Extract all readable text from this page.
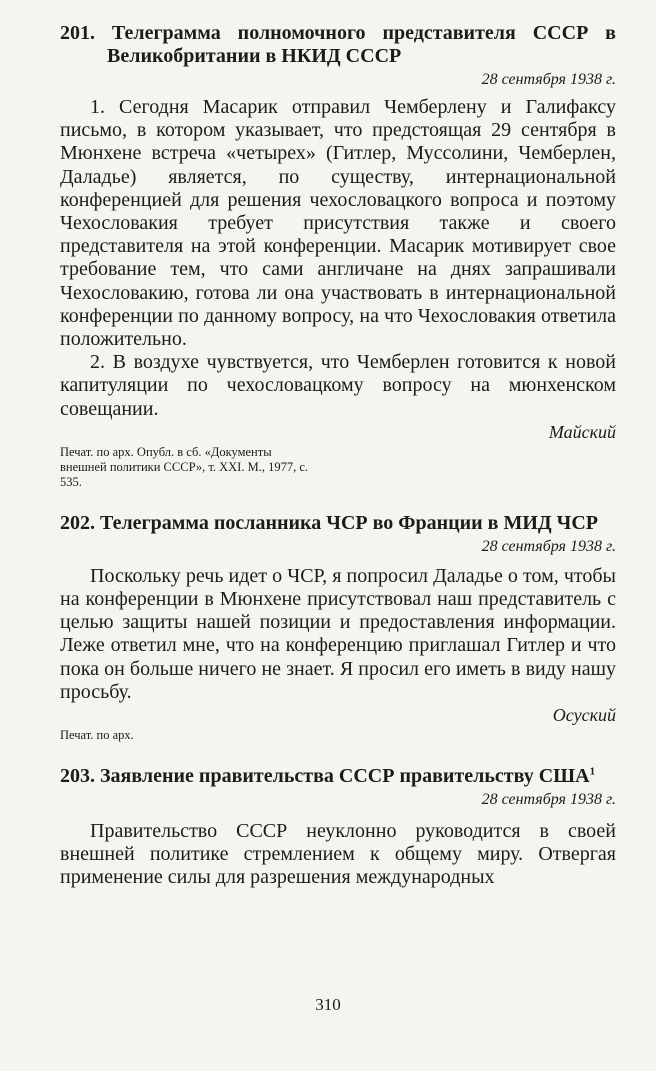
201. Телеграмма полномочного представителя СССР в Великобритании в НКИД СССР

28 сентября 1938 г.

1. Сегодня Масарик отправил Чемберлену и Галифаксу письмо, в котором указывает, что предстоящая 29 сентября в Мюнхене встреча «четырех» (Гитлер, Муссолини, Чемберлен, Даладье) является, по существу, интернациональной конференцией для решения чехословацкого вопроса и поэтому Чехословакия требует присутствия также и своего представителя на этой конференции. Масарик мотивирует свое требование тем, что сами англичане на днях запрашивали Чехословакию, готова ли она участвовать в интернациональной конференции по данному вопросу, на что Чехословакия ответила положительно.

2. В воздухе чувствуется, что Чемберлен готовится к новой капитуляции по чехословацкому вопросу на мюнхенском совещании.

Майский

Печат. по арх. Опубл. в сб. «Документы внешней политики СССР», т. XXI. М., 1977, с. 535.

202. Телеграмма посланника ЧСР во Франции в МИД ЧСР

28 сентября 1938 г.

Поскольку речь идет о ЧСР, я попросил Даладье о том, чтобы на конференции в Мюнхене присутствовал наш представитель с целью защиты нашей позиции и предоставления информации. Леже ответил мне, что на конференцию приглашал Гитлер и что пока он больше ничего не знает. Я просил его иметь в виду нашу просьбу.

Осуский

Печат. по арх.

203. Заявление правительства СССР правительству США$^1$

28 сентября 1938 г.

Правительство СССР неуклонно руководится в своей внешней политике стремлением к общему миру. Отвергая применение силы для разрешения международных

310
